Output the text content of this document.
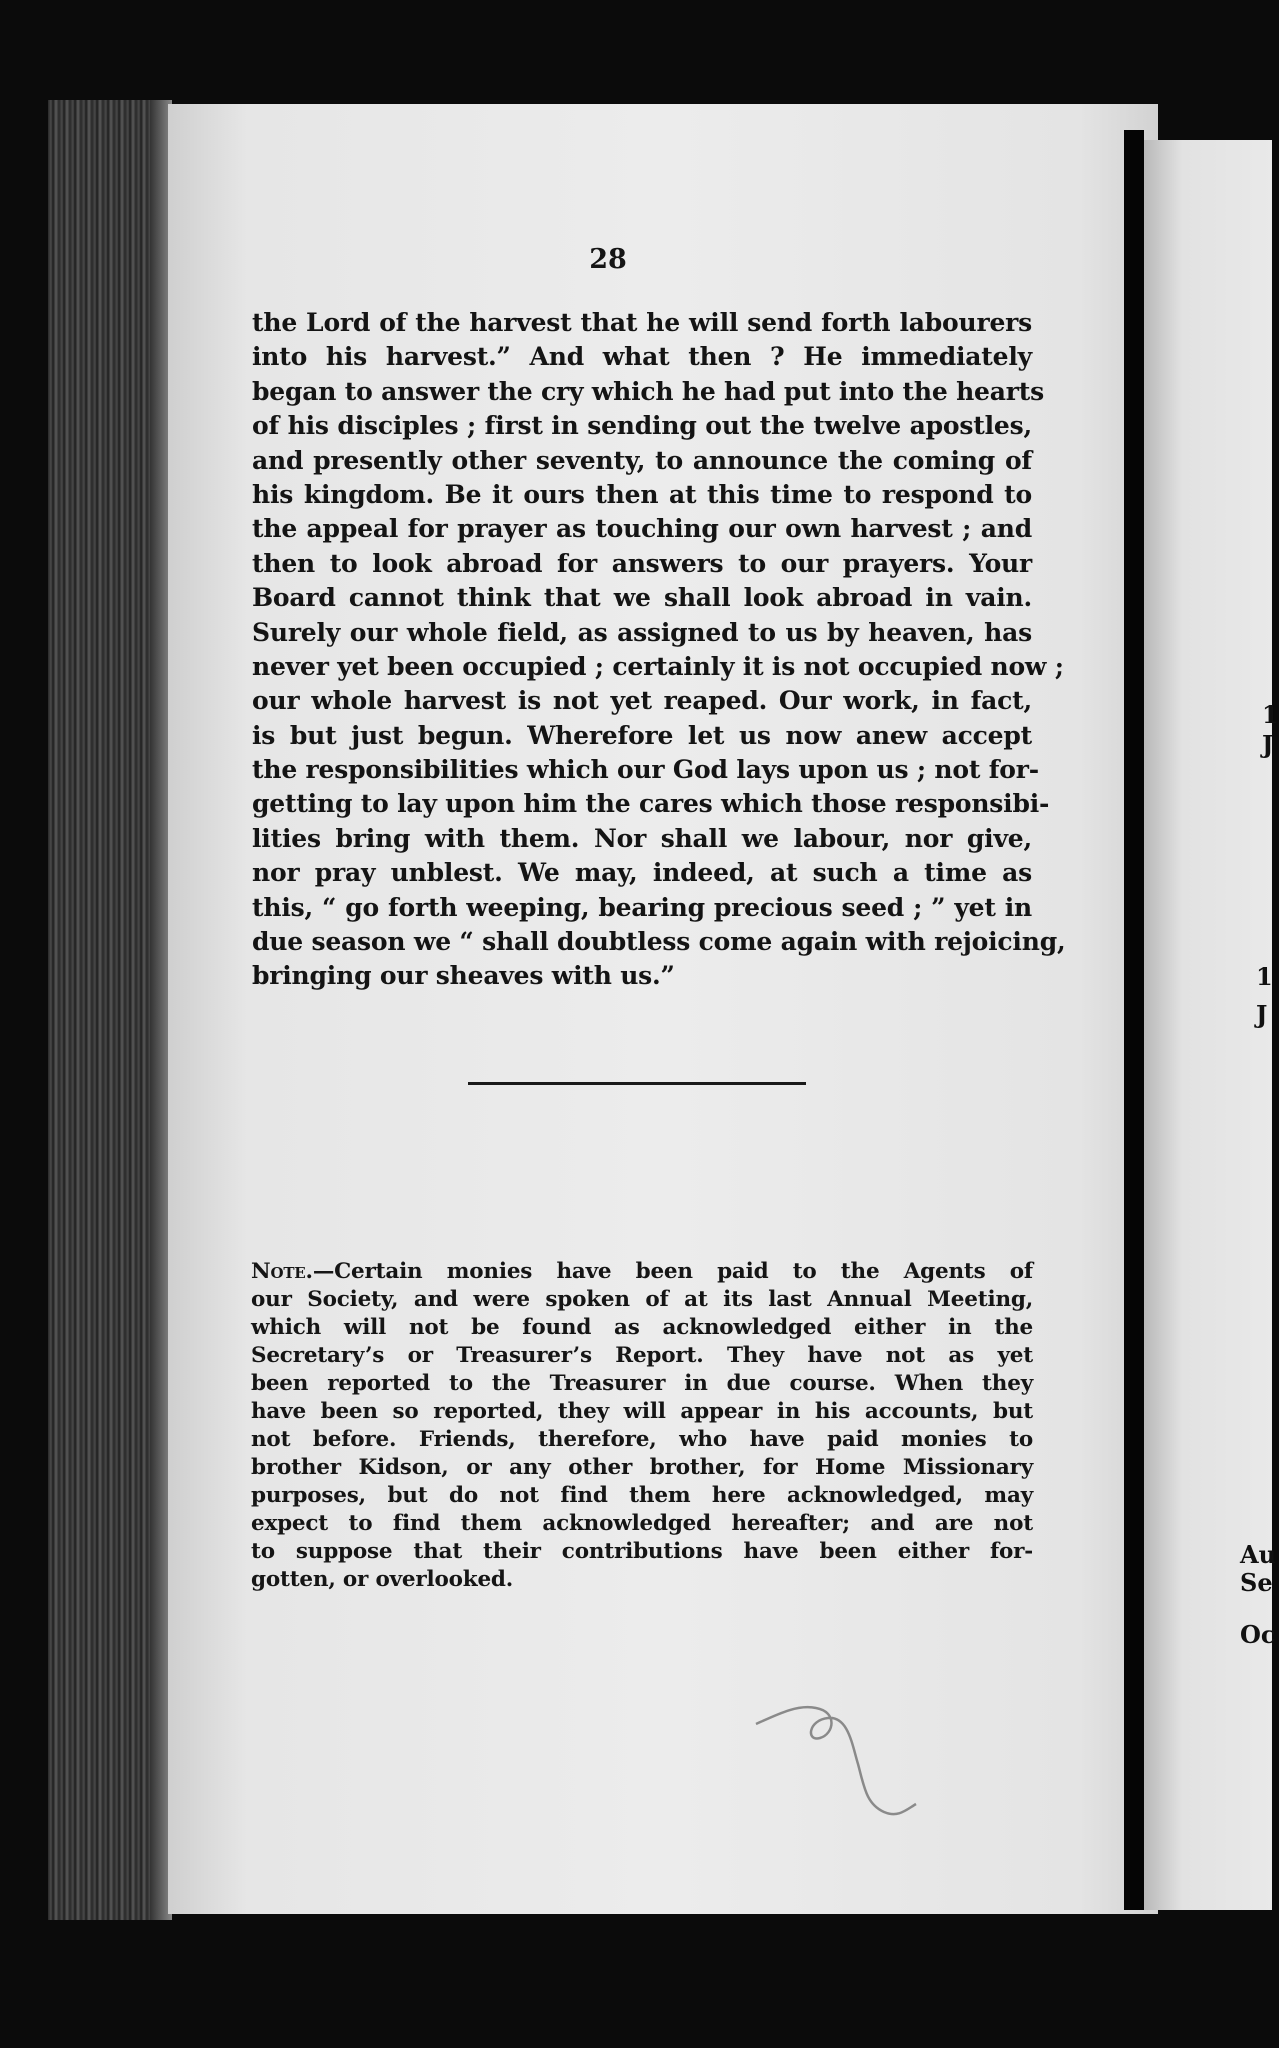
28
the Lord of the harvest that he will send forth labourers
into his harvest.” And what then ? He immediately
began to answer the cry which he had put into the hearts
of his disciples ; first in sending out the twelve apostles,
and presently other seventy, to announce the coming of
his kingdom. Be it ours then at this time to respond to
the appeal for prayer as touching our own harvest ; and
then to look abroad for answers to our prayers. Your
Board cannot think that we shall look abroad in vain.
Surely our whole field, as assigned to us by heaven, has
never yet been occupied ; certainly it is not occupied now ;
our whole harvest is not yet reaped. Our work, in fact,
is but just begun. Wherefore let us now anew accept
the responsibilities which our God lays upon us ; not for-
getting to lay upon him the cares which those responsibi-
lities bring with them. Nor shall we labour, nor give,
nor pray unblest. We may, indeed, at such a time as
this, “ go forth weeping, bearing precious seed ; ” yet in
due season we “ shall doubtless come again with rejoicing,
bringing our sheaves with us.”
Note.—Certain monies have been paid to the Agents of
our Society, and were spoken of at its last Annual Meeting,
which will not be found as acknowledged either in the
Secretary’s or Treasurer’s Report. They have not as yet
been reported to the Treasurer in due course. When they
have been so reported, they will appear in his accounts, but
not before. Friends, therefore, who have paid monies to
brother Kidson, or any other brother, for Home Missionary
purposes, but do not find them here acknowledged, may
expect to find them acknowledged hereafter; and are not
to suppose that their contributions have been either for-
gotten, or overlooked.
1
J
1
J
Au
Se
Oc
